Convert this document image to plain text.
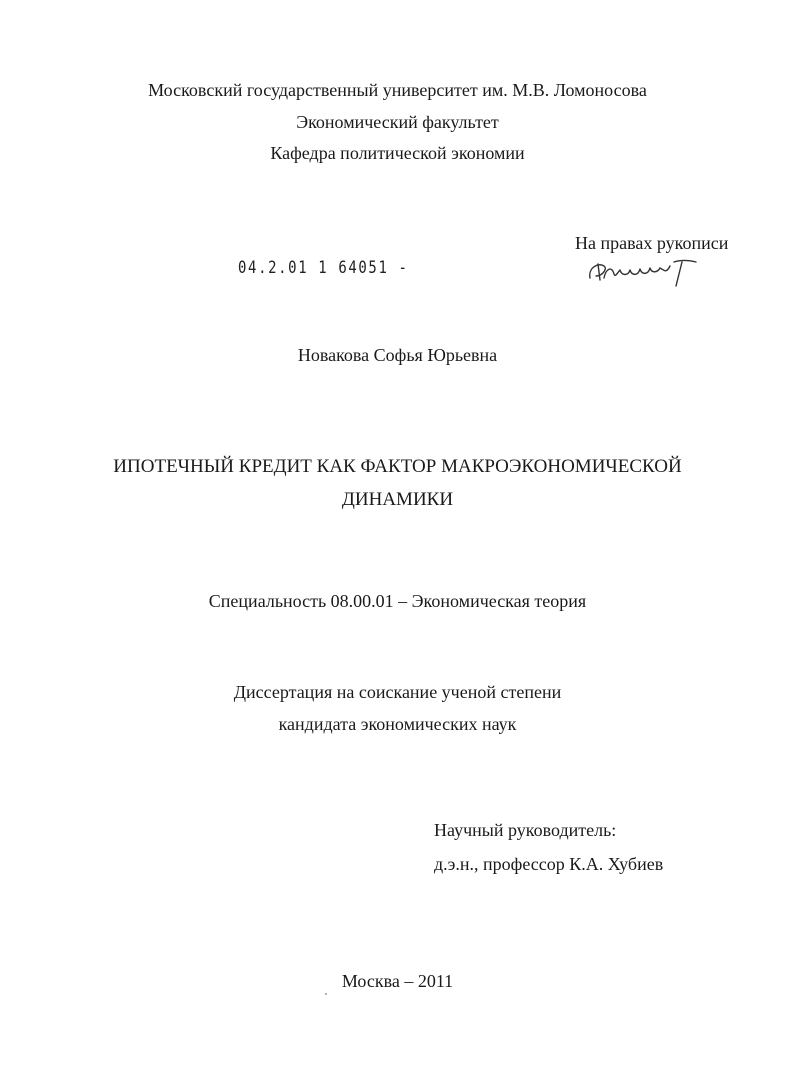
Московский государственный университет им. М.В. Ломоносова
Экономический факультет
Кафедра политической экономии
На правах рукописи
04.2.01 1 64051 -
Новакова Софья Юрьевна
ИПОТЕЧНЫЙ КРЕДИТ КАК ФАКТОР МАКРОЭКОНОМИЧЕСКОЙ
ДИНАМИКИ
Специальность 08.00.01 – Экономическая теория
Диссертация на соискание ученой степени
кандидата экономических наук
Научный руководитель:
д.э.н., профессор К.А. Хубиев
Москва – 2011
